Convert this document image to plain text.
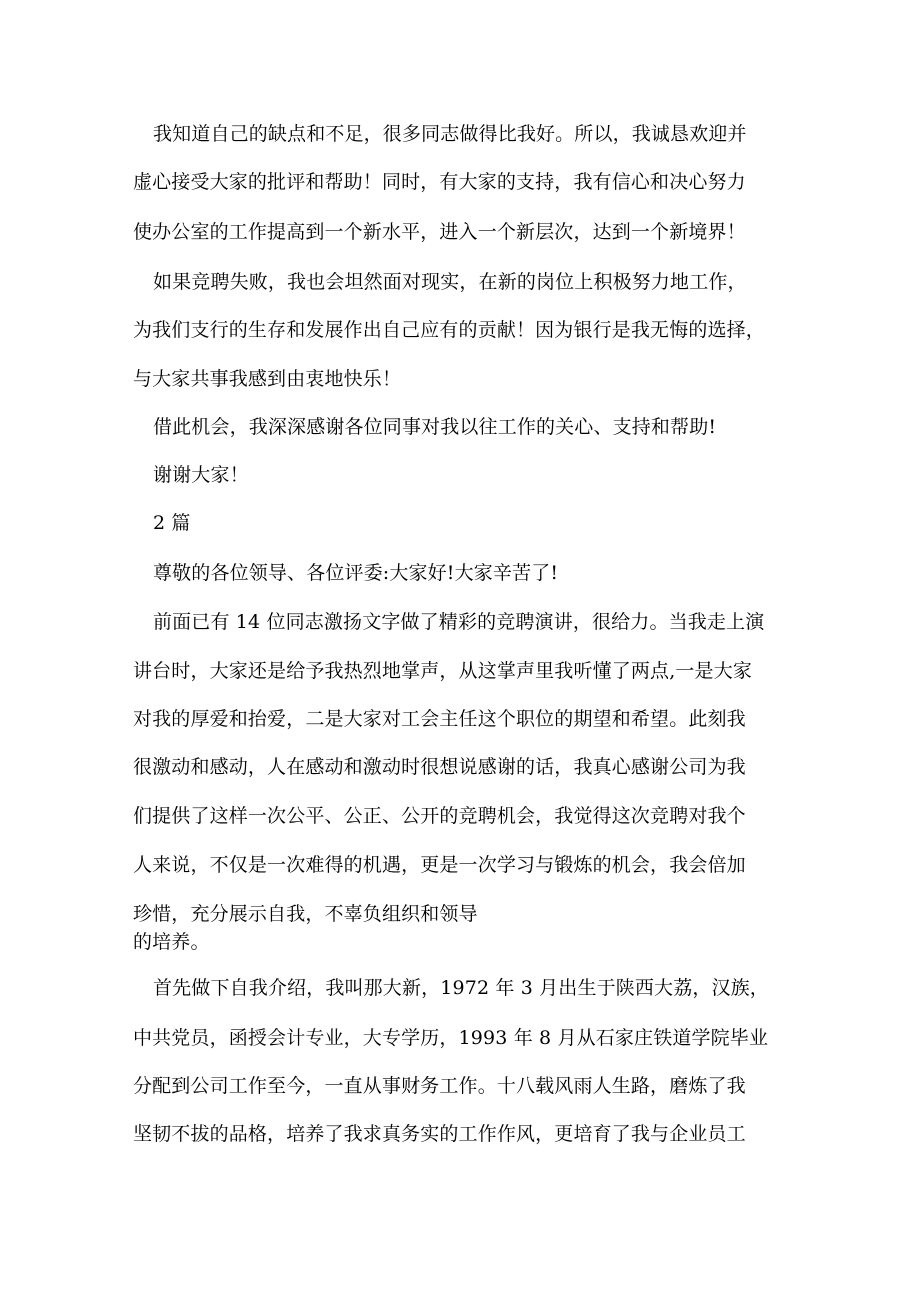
我知道自己的缺点和不足，很多同志做得比我好。所以，我诚恳欢迎并
虚心接受大家的批评和帮助！同时，有大家的支持，我有信心和决心努力
使办公室的工作提高到一个新水平，进入一个新层次，达到一个新境界！
如果竞聘失败，我也会坦然面对现实，在新的岗位上积极努力地工作，
为我们支行的生存和发展作出自己应有的贡献！因为银行是我无悔的选择，
与大家共事我感到由衷地快乐！
借此机会，我深深感谢各位同事对我以往工作的关心、支持和帮助!
谢谢大家！
2 篇
尊敬的各位领导、各位评委:大家好!大家辛苦了!
前面已有 14 位同志激扬文字做了精彩的竞聘演讲，很给力。当我走上演
讲台时，大家还是给予我热烈地掌声，从这掌声里我听懂了两点,一是大家
对我的厚爱和抬爱，二是大家对工会主任这个职位的期望和希望。此刻我
很激动和感动，人在感动和激动时很想说感谢的话，我真心感谢公司为我
们提供了这样一次公平、公正、公开的竞聘机会，我觉得这次竞聘对我个
人来说，不仅是一次难得的机遇，更是一次学习与锻炼的机会，我会倍加
珍惜，充分展示自我，不辜负组织和领导
的培养。
首先做下自我介绍，我叫那大新，1972 年 3 月出生于陕西大荔，汉族，
中共党员，函授会计专业，大专学历，1993 年 8 月从石家庄铁道学院毕业
分配到公司工作至今，一直从事财务工作。十八载风雨人生路，磨炼了我
坚韧不拔的品格，培养了我求真务实的工作作风，更培育了我与企业员工
